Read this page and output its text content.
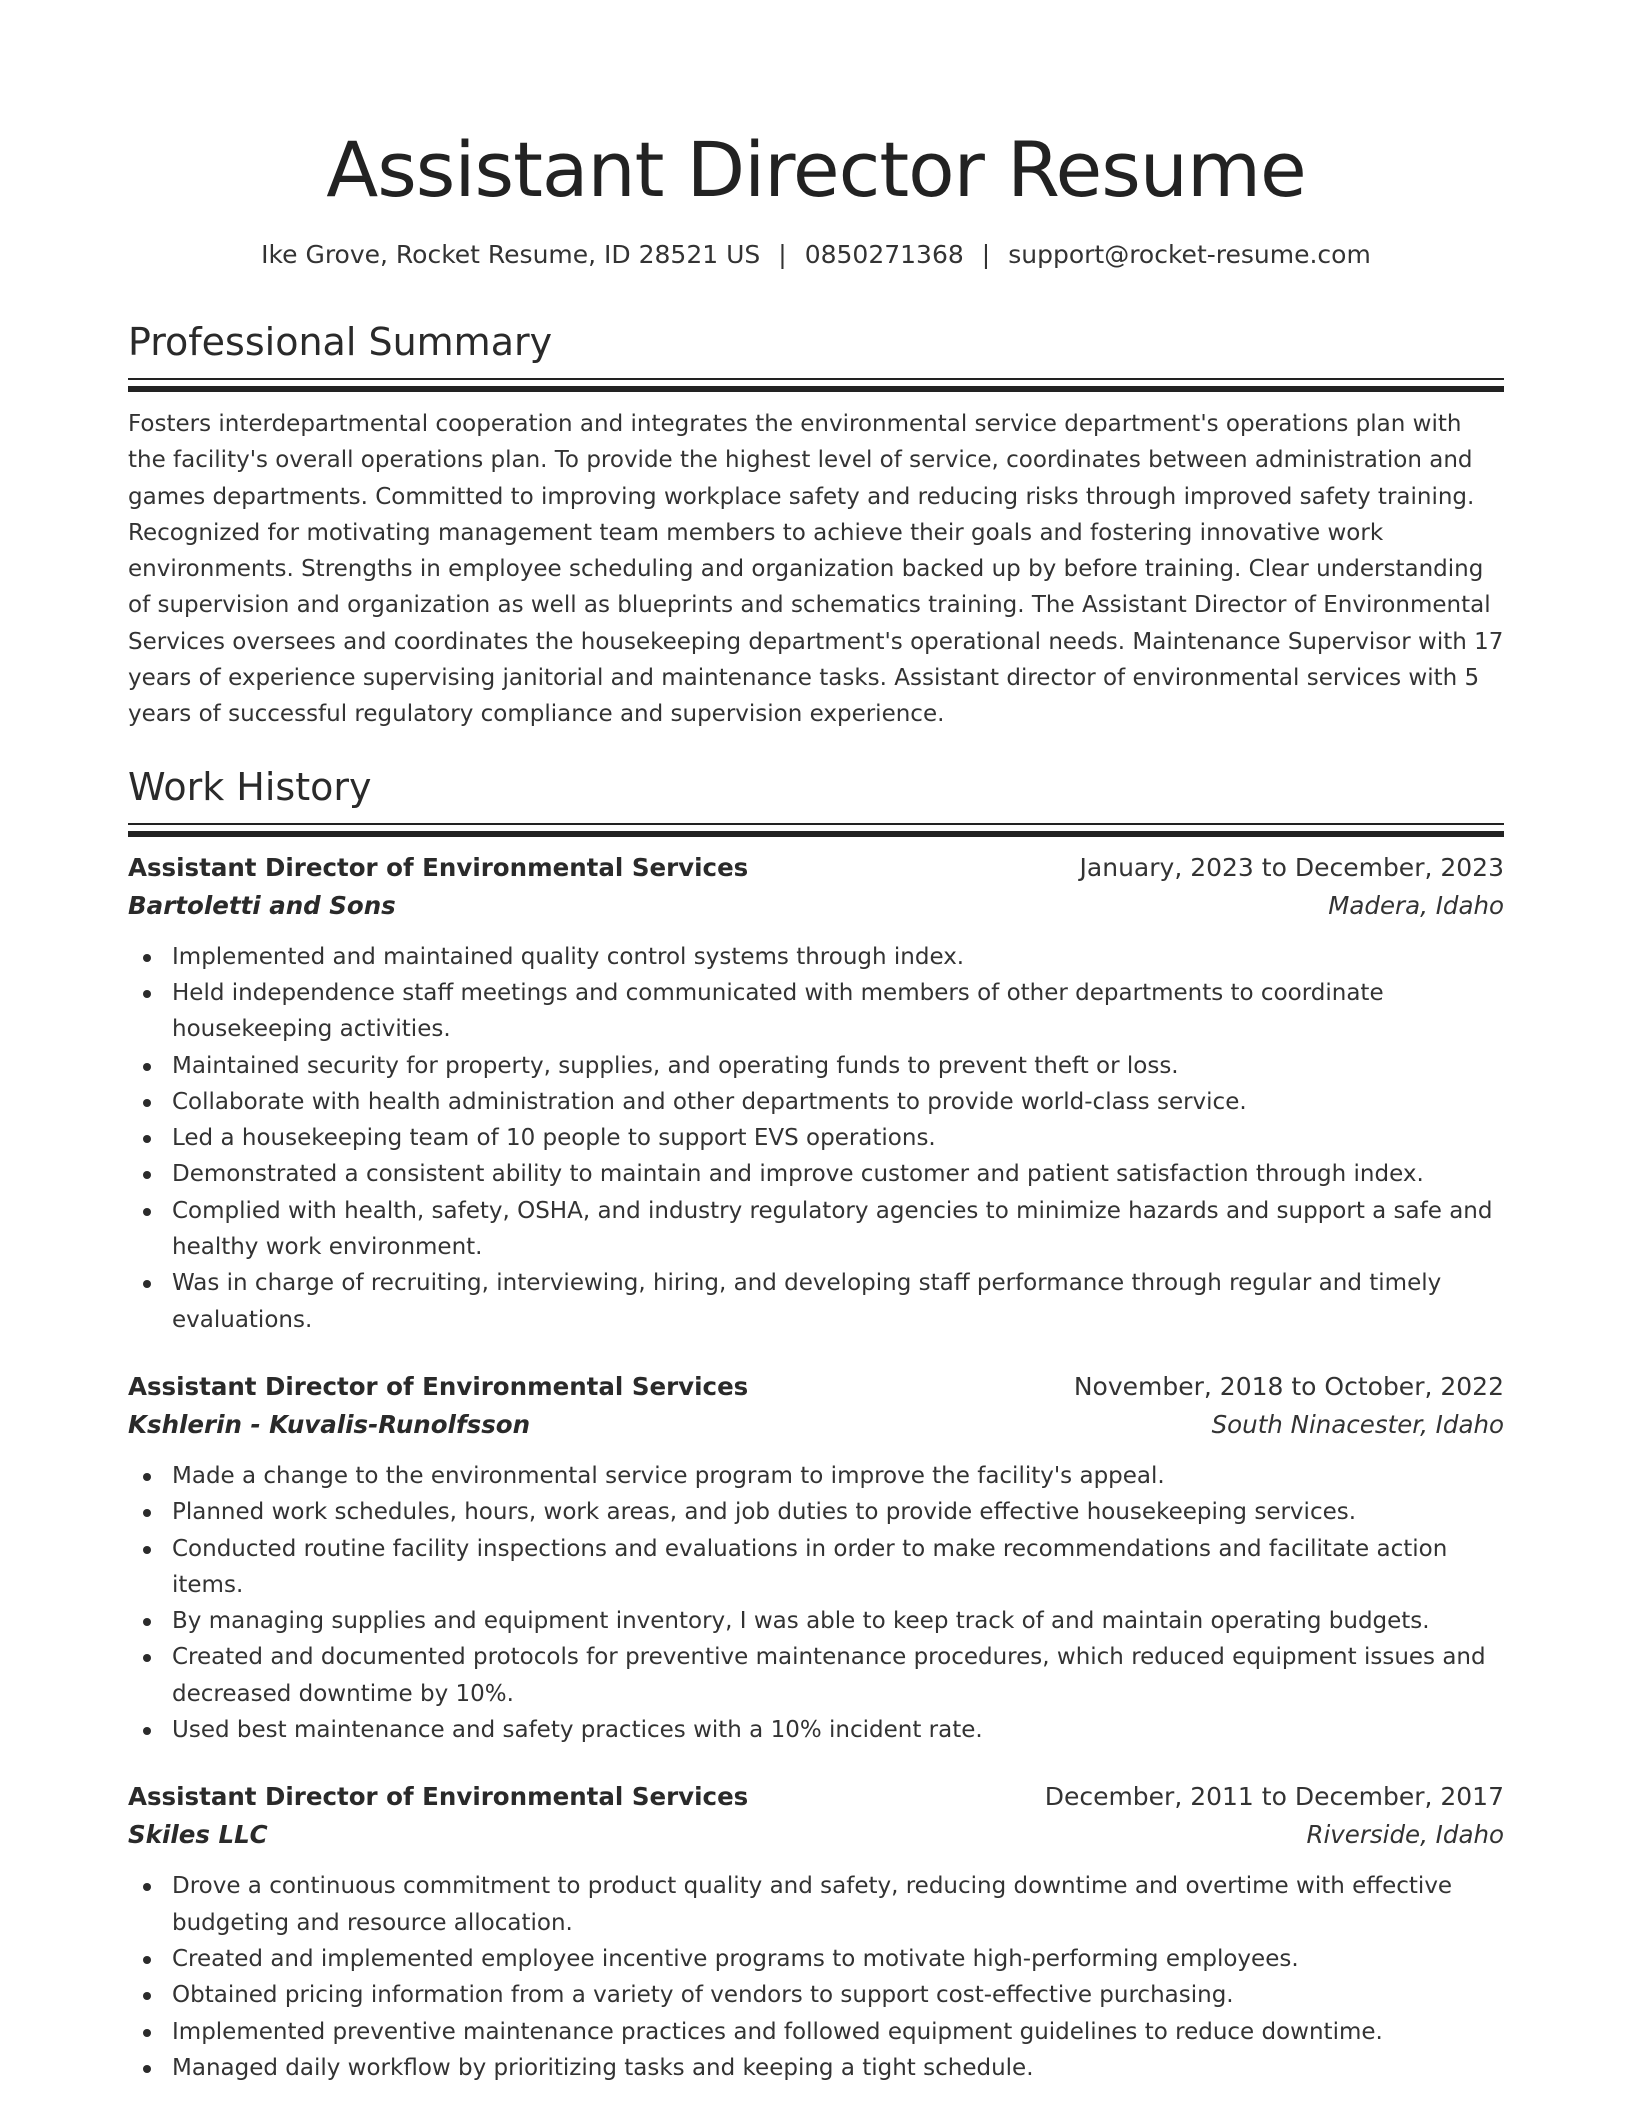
Assistant Director Resume
Ike Grove, Rocket Resume, ID 28521 US | 0850271368 | support@rocket-resume.com
Professional Summary
Fosters interdepartmental cooperation and integrates the environmental service department's operations plan with the facility's overall operations plan. To provide the highest level of service, coordinates between administration and games departments. Committed to improving workplace safety and reducing risks through improved safety training. Recognized for motivating management team members to achieve their goals and fostering innovative work environments. Strengths in employee scheduling and organization backed up by before training. Clear understanding of supervision and organization as well as blueprints and schematics training. The Assistant Director of Environmental Services oversees and coordinates the housekeeping department's operational needs. Maintenance Supervisor with 17 years of experience supervising janitorial and maintenance tasks. Assistant director of environmental services with 5 years of successful regulatory compliance and supervision experience.
Work History
Assistant Director of Environmental Services	January, 2023 to December, 2023
Bartoletti and Sons	Madera, Idaho
Implemented and maintained quality control systems through index.
Held independence staff meetings and communicated with members of other departments to coordinate housekeeping activities.
Maintained security for property, supplies, and operating funds to prevent theft or loss.
Collaborate with health administration and other departments to provide world-class service.
Led a housekeeping team of 10 people to support EVS operations.
Demonstrated a consistent ability to maintain and improve customer and patient satisfaction through index.
Complied with health, safety, OSHA, and industry regulatory agencies to minimize hazards and support a safe and healthy work environment.
Was in charge of recruiting, interviewing, hiring, and developing staff performance through regular and timely evaluations.
Assistant Director of Environmental Services	November, 2018 to October, 2022
Kshlerin - Kuvalis-Runolfsson	South Ninacester, Idaho
Made a change to the environmental service program to improve the facility's appeal.
Planned work schedules, hours, work areas, and job duties to provide effective housekeeping services.
Conducted routine facility inspections and evaluations in order to make recommendations and facilitate action items.
By managing supplies and equipment inventory, I was able to keep track of and maintain operating budgets.
Created and documented protocols for preventive maintenance procedures, which reduced equipment issues and decreased downtime by 10%.
Used best maintenance and safety practices with a 10% incident rate.
Assistant Director of Environmental Services	December, 2011 to December, 2017
Skiles LLC	Riverside, Idaho
Drove a continuous commitment to product quality and safety, reducing downtime and overtime with effective budgeting and resource allocation.
Created and implemented employee incentive programs to motivate high-performing employees.
Obtained pricing information from a variety of vendors to support cost-effective purchasing.
Implemented preventive maintenance practices and followed equipment guidelines to reduce downtime.
Managed daily workflow by prioritizing tasks and keeping a tight schedule.
